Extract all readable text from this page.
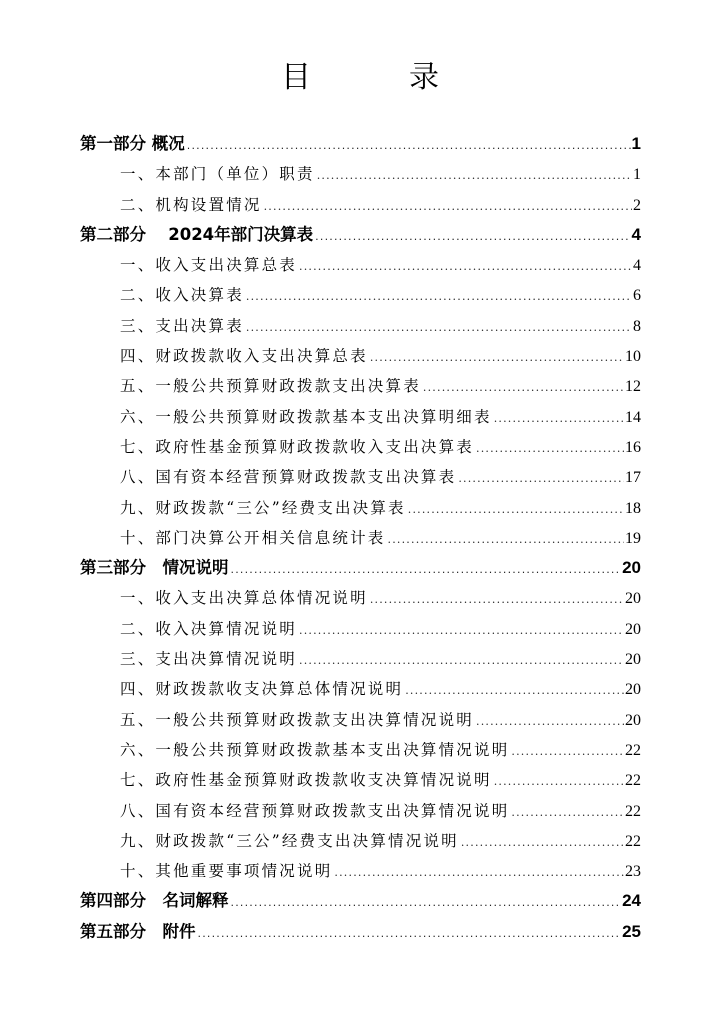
目　录
第一部分 概况 .....	1
一、本部门（单位）职责 .....	1
二、机构设置情况 .....	2
第二部分　 2024年部门决算表 .....	4
一、收入支出决算总表 .....	4
二、收入决算表 .....	6
三、支出决算表 .....	8
四、财政拨款收入支出决算总表 .....	10
五、一般公共预算财政拨款支出决算表 .....	12
六、一般公共预算财政拨款基本支出决算明细表 .....	14
七、政府性基金预算财政拨款收入支出决算表 .....	16
八、国有资本经营预算财政拨款支出决算表 .....	17
九、财政拨款“三公”经费支出决算表 .....	18
十、部门决算公开相关信息统计表 .....	19
第三部分　情况说明 .....	20
一、收入支出决算总体情况说明 .....	20
二、收入决算情况说明 .....	20
三、支出决算情况说明 .....	20
四、财政拨款收支决算总体情况说明 .....	20
五、一般公共预算财政拨款支出决算情况说明 .....	20
六、一般公共预算财政拨款基本支出决算情况说明 .....	22
七、政府性基金预算财政拨款收支决算情况说明 .....	22
八、国有资本经营预算财政拨款支出决算情况说明 .....	22
九、财政拨款“三公”经费支出决算情况说明 .....	22
十、其他重要事项情况说明 .....	23
第四部分　名词解释 .....	24
第五部分　附件 .....	25
